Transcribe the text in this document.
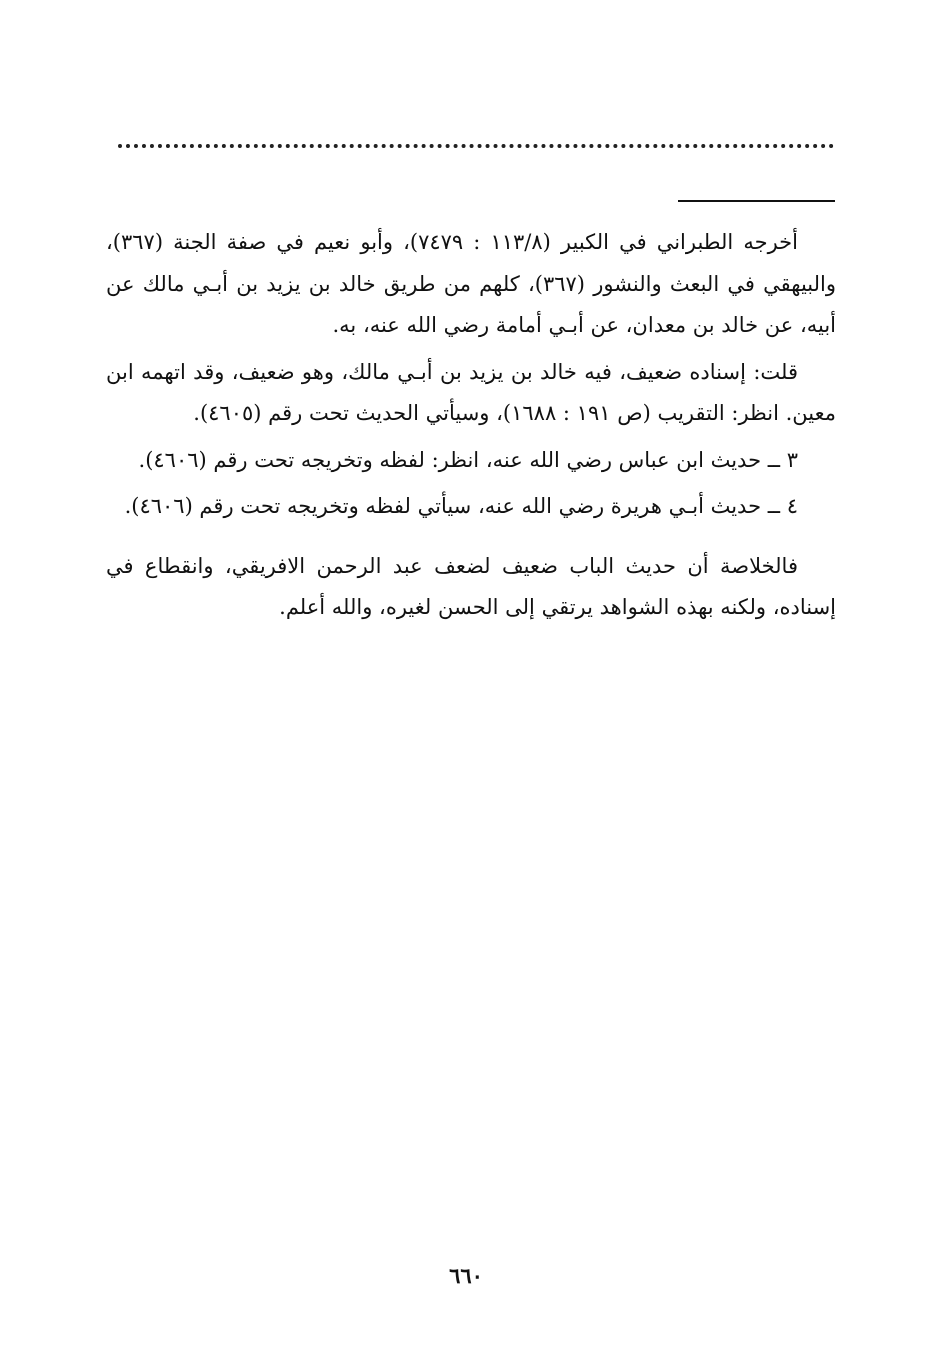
أخرجه الطبراني في الكبير (١١٣/٨ : ٧٤٧٩)، وأبو نعيم في صفة الجنة (٣٦٧)، والبيهقي في البعث والنشور (٣٦٧)، كلهم من طريق خالد بن يزيد بن أبـي مالك عن أبيه، عن خالد بن معدان، عن أبـي أمامة رضي الله عنه، به.

قلت: إسناده ضعيف، فيه خالد بن يزيد بن أبـي مالك، وهو ضعيف، وقد اتهمه ابن معين. انظر: التقريب (ص ١٩١ : ١٦٨٨)، وسيأتي الحديث تحت رقم (٤٦٠٥).

٣ ــ حديث ابن عباس رضي الله عنه، انظر: لفظه وتخريجه تحت رقم (٤٦٠٦).

٤ ــ حديث أبـي هريرة رضي الله عنه، سيأتي لفظه وتخريجه تحت رقم (٤٦٠٦).

فالخلاصة أن حديث الباب ضعيف لضعف عبد الرحمن الافريقي، وانقطاع في إسناده، ولكنه بهذه الشواهد يرتقي إلى الحسن لغيره، والله أعلم.

٦٦٠
